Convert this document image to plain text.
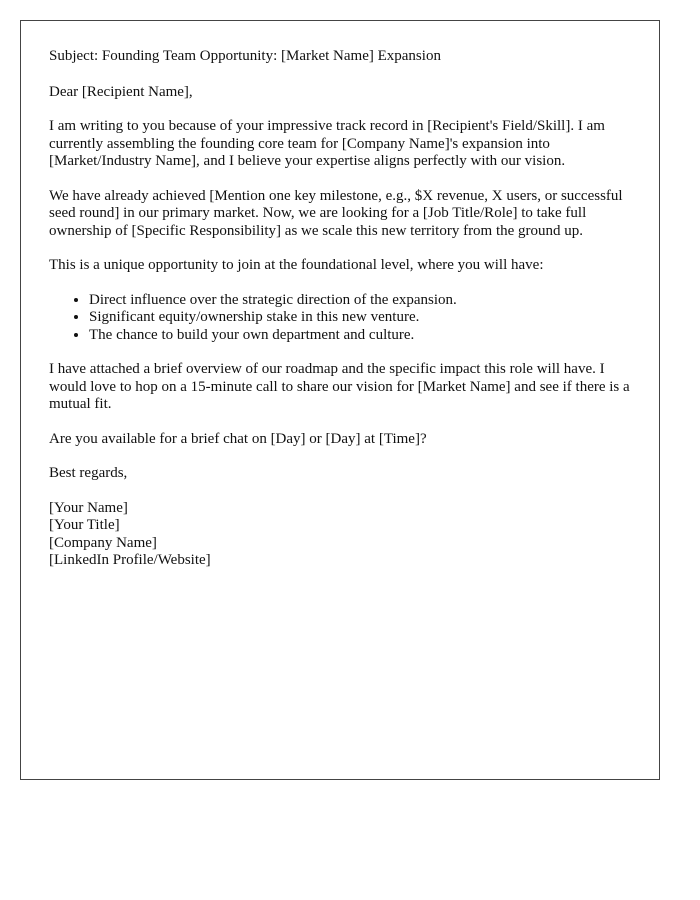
Subject: Founding Team Opportunity: [Market Name] Expansion

Dear [Recipient Name],

I am writing to you because of your impressive track record in [Recipient's Field/Skill]. I am currently assembling the founding core team for [Company Name]'s expansion into [Market/Industry Name], and I believe your expertise aligns perfectly with our vision.

We have already achieved [Mention one key milestone, e.g., $X revenue, X users, or successful seed round] in our primary market. Now, we are looking for a [Job Title/Role] to take full ownership of [Specific Responsibility] as we scale this new territory from the ground up.

This is a unique opportunity to join at the foundational level, where you will have:

• Direct influence over the strategic direction of the expansion.
• Significant equity/ownership stake in this new venture.
• The chance to build your own department and culture.

I have attached a brief overview of our roadmap and the specific impact this role will have. I would love to hop on a 15-minute call to share our vision for [Market Name] and see if there is a mutual fit.

Are you available for a brief chat on [Day] or [Day] at [Time]?

Best regards,

[Your Name]
[Your Title]
[Company Name]
[LinkedIn Profile/Website]
